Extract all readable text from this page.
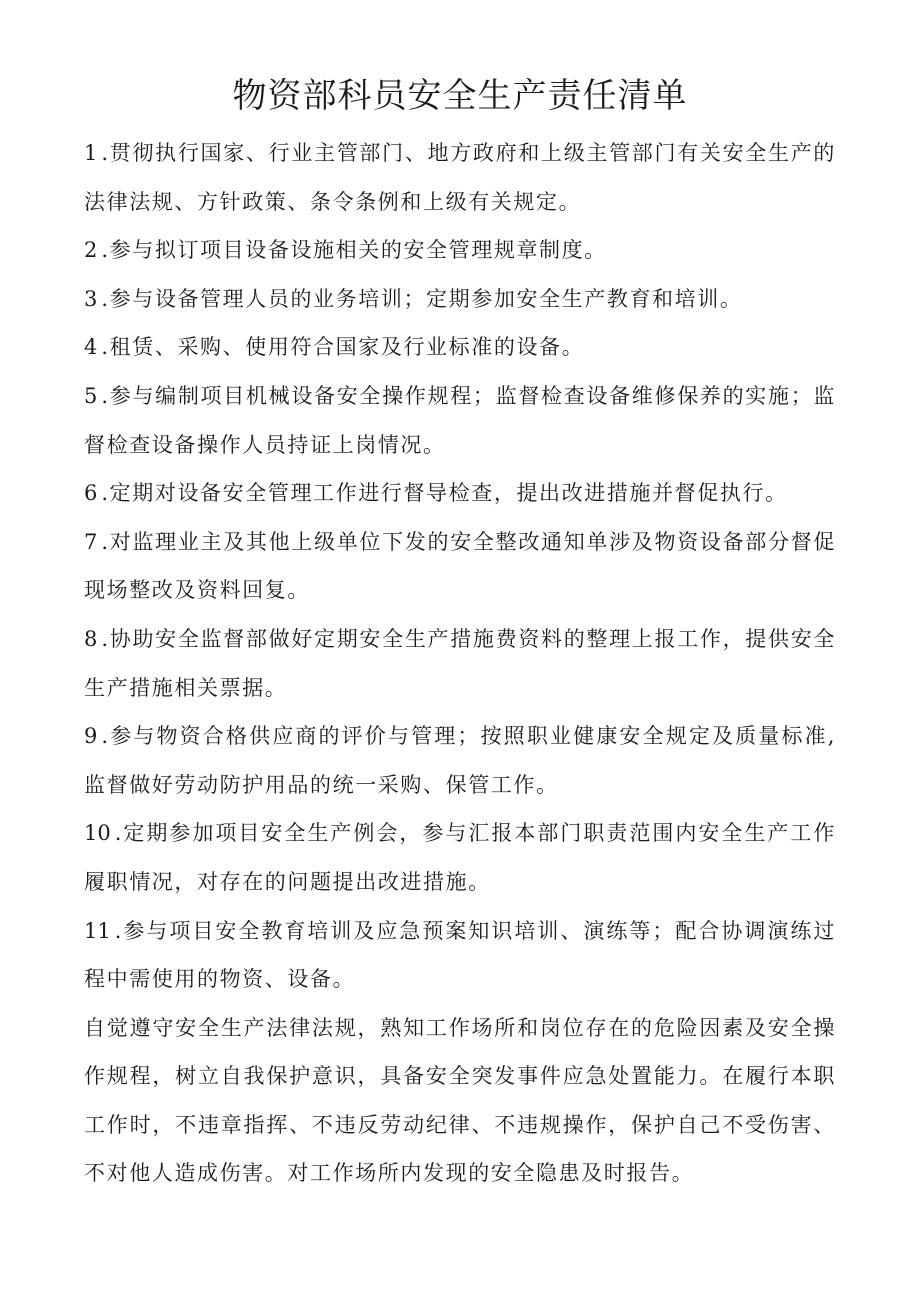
物资部科员安全生产责任清单

1 .贯彻执行国家、行业主管部门、地方政府和上级主管部门有关安全生产的法律法规、方针政策、条令条例和上级有关规定。

2 .参与拟订项目设备设施相关的安全管理规章制度。

3 .参与设备管理人员的业务培训；定期参加安全生产教育和培训。

4 .租赁、采购、使用符合国家及行业标准的设备。

5 .参与编制项目机械设备安全操作规程；监督检查设备维修保养的实施；监督检查设备操作人员持证上岗情况。

6 .定期对设备安全管理工作进行督导检查，提出改进措施并督促执行。

7 .对监理业主及其他上级单位下发的安全整改通知单涉及物资设备部分督促现场整改及资料回复。

8 .协助安全监督部做好定期安全生产措施费资料的整理上报工作，提供安全生产措施相关票据。

9 .参与物资合格供应商的评价与管理；按照职业健康安全规定及质量标准,监督做好劳动防护用品的统一采购、保管工作。

10 .定期参加项目安全生产例会，参与汇报本部门职责范围内安全生产工作履职情况，对存在的问题提出改进措施。

11 .参与项目安全教育培训及应急预案知识培训、演练等；配合协调演练过程中需使用的物资、设备。

自觉遵守安全生产法律法规，熟知工作场所和岗位存在的危险因素及安全操作规程，树立自我保护意识，具备安全突发事件应急处置能力。在履行本职工作时，不违章指挥、不违反劳动纪律、不违规操作，保护自己不受伤害、不对他人造成伤害。对工作场所内发现的安全隐患及时报告。
